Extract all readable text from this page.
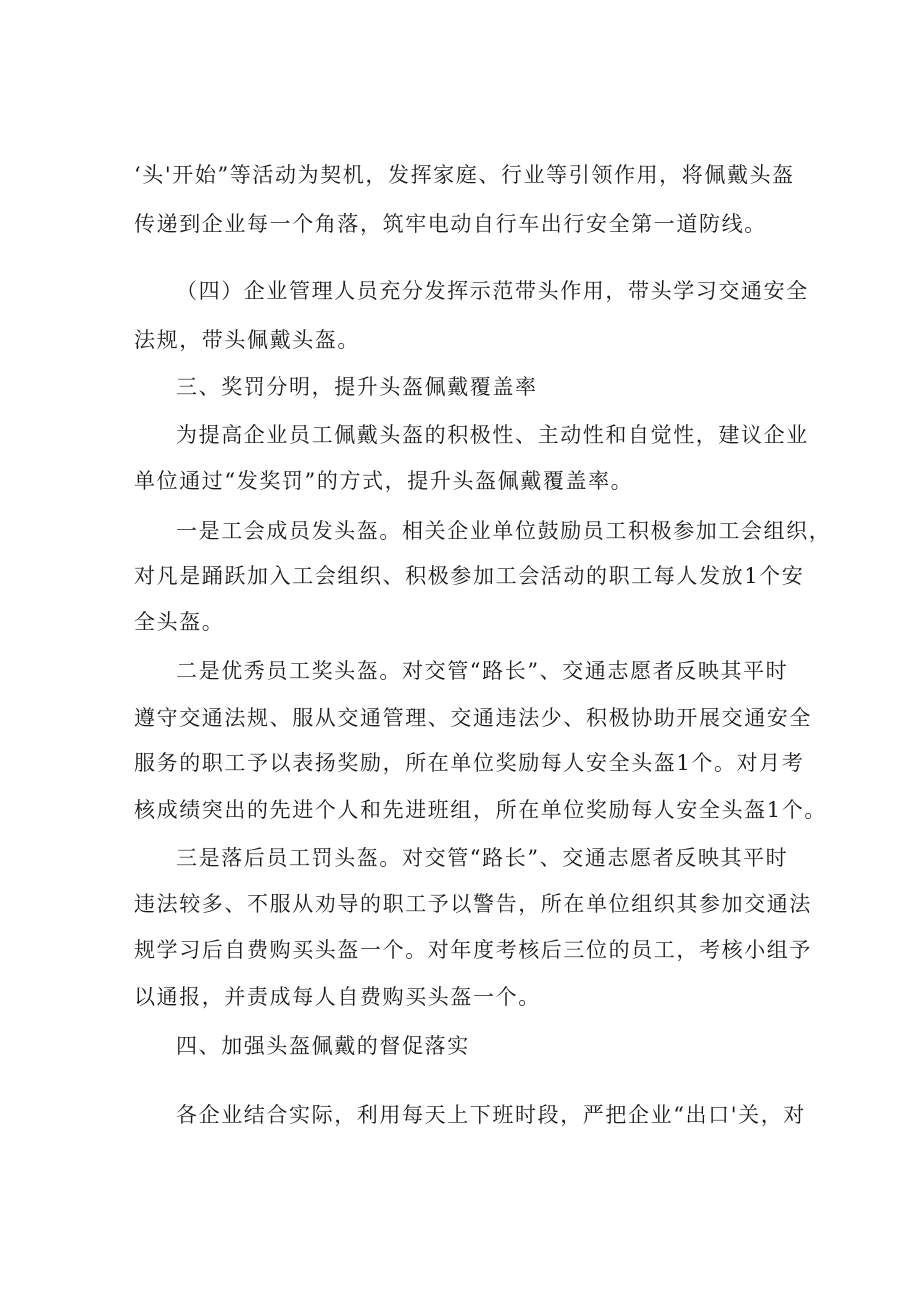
‘头'开始”等活动为契机，发挥家庭、行业等引领作用，将佩戴头盔

传递到企业每一个角落，筑牢电动自行车出行安全第一道防线。

（四）企业管理人员充分发挥示范带头作用，带头学习交通安全

法规，带头佩戴头盔。

三、奖罚分明，提升头盔佩戴覆盖率

为提高企业员工佩戴头盔的积极性、主动性和自觉性，建议企业

单位通过“发奖罚”的方式，提升头盔佩戴覆盖率。

一是工会成员发头盔。相关企业单位鼓励员工积极参加工会组织，

对凡是踊跃加入工会组织、积极参加工会活动的职工每人发放1个安

全头盔。

二是优秀员工奖头盔。对交管“路长”、交通志愿者反映其平时

遵守交通法规、服从交通管理、交通违法少、积极协助开展交通安全

服务的职工予以表扬奖励，所在单位奖励每人安全头盔1个。对月考

核成绩突出的先进个人和先进班组，所在单位奖励每人安全头盔1个。

三是落后员工罚头盔。对交管“路长”、交通志愿者反映其平时

违法较多、不服从劝导的职工予以警告，所在单位组织其参加交通法

规学习后自费购买头盔一个。对年度考核后三位的员工，考核小组予

以通报，并责成每人自费购买头盔一个。

四、加强头盔佩戴的督促落实

各企业结合实际，利用每天上下班时段，严把企业“出口'关，对
